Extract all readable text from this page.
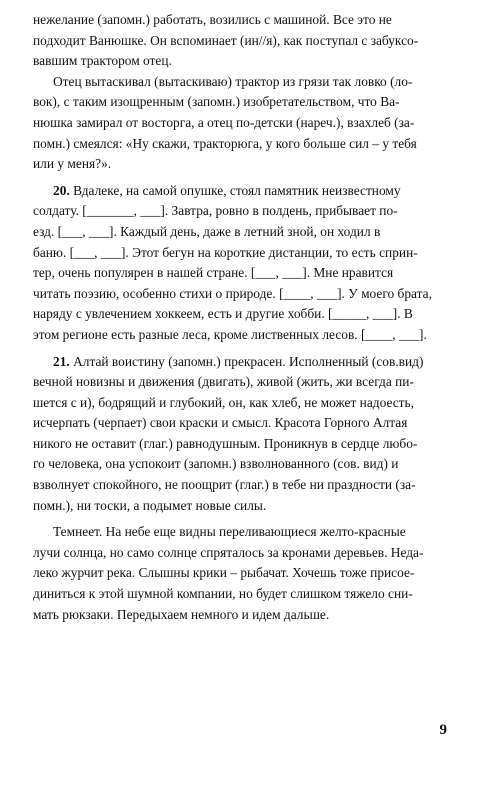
нежелание (запомн.) работать, возились с машиной. Все это не
подходит Ванюшке. Он вспоминает (ин//я), как поступал с забуксо-
вавшим трактором отец.

Отец вытаскивал (вытаскиваю) трактор из грязи так ловко (ло-
вок), с таким изощренным (запомн.) изобретательством, что Ва-
нюшка замирал от восторга, а отец по-детски (нареч.), взахлеб (за-
помн.) смеялся: «Ну скажи, тракторюга, у кого больше сил – у тебя
или у меня?».

20. Вдалеке, на самой опушке, стоял памятник неизвестному
солдату. [_______, ___]. Завтра, ровно в полдень, прибывает по-
езд. [___, ___]. Каждый день, даже в летний зной, он ходил в
баню. [___, ___]. Этот бегун на короткие дистанции, то есть сприн-
тер, очень популярен в нашей стране. [___, ___]. Мне нравится
читать поэзию, особенно стихи о природе. [____, ___]. У моего брата,
наряду с увлечением хоккеем, есть и другие хобби. [_____, ___]. В
этом регионе есть разные леса, кроме лиственных лесов. [____, ___].

21. Алтай воистину (запомн.) прекрасен. Исполненный (сов.вид)
вечной новизны и движения (двигать), живой (жить, жи всегда пи-
шется с и), бодрящий и глубокий, он, как хлеб, не может надоесть,
исчерпать (черпает) свои краски и смысл. Красота Горного Алтая
никого не оставит (глаг.) равнодушным. Проникнув в сердце любо-
го человека, она успокоит (запомн.) взволнованного (сов. вид) и
взволнует спокойного, не поощрит (глаг.) в тебе ни праздности (за-
помн.), ни тоски, а подымет новые силы.

Темнеет. На небе еще видны переливающиеся желто-красные
лучи солнца, но само солнце спряталось за кронами деревьев. Неда-
леко журчит река. Слышны крики – рыбачат. Хочешь тоже присое-
диниться к этой шумной компании, но будет слишком тяжело сни-
мать рюкзаки. Передыхаем немного и идем дальше.

9
